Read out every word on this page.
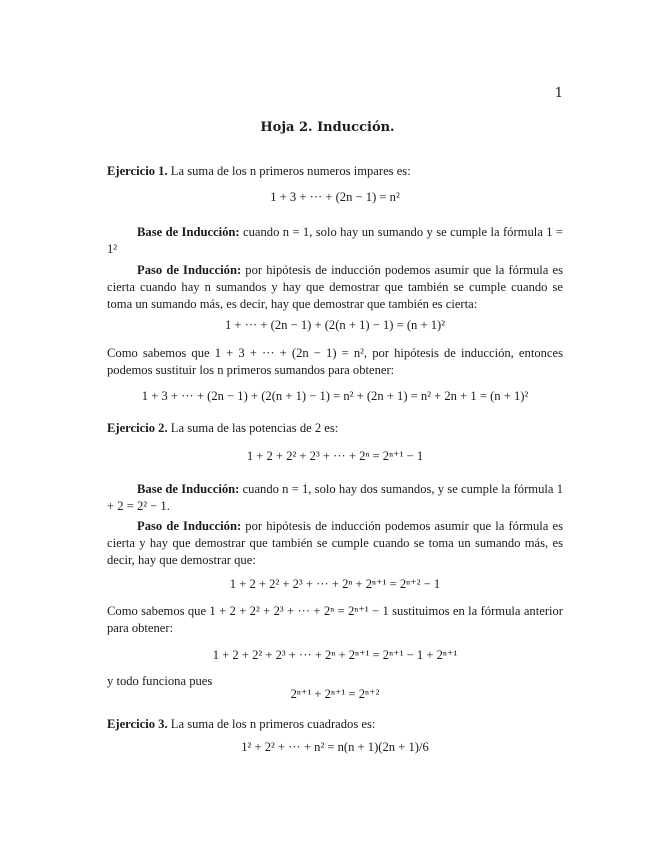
1
Hoja 2. Inducción.
Ejercicio 1. La suma de los n primeros numeros impares es:
1 + 3 + ··· + (2n − 1) = n²
Base de Inducción: cuando n = 1, solo hay un sumando y se cumple la fórmula 1 = 1²
Paso de Inducción: por hipótesis de inducción podemos asumir que la fórmula es cierta cuando hay n sumandos y hay que demostrar que también se cumple cuando se toma un sumando más, es decir, hay que demostrar que también es cierta:
1 + ··· + (2n − 1) + (2(n + 1) − 1) = (n + 1)²
Como sabemos que 1 + 3 + ··· + (2n − 1) = n², por hipótesis de inducción, entonces podemos sustituir los n primeros sumandos para obtener:
1 + 3 + ··· + (2n − 1) + (2(n + 1) − 1) = n² + (2n + 1) = n² + 2n + 1 = (n + 1)²
Ejercicio 2. La suma de las potencias de 2 es:
1 + 2 + 2² + 2³ + ··· + 2ⁿ = 2ⁿ⁺¹ − 1
Base de Inducción: cuando n = 1, solo hay dos sumandos, y se cumple la fórmula 1 + 2 = 2² − 1.
Paso de Inducción: por hipótesis de inducción podemos asumir que la fórmula es cierta y hay que demostrar que también se cumple cuando se toma un sumando más, es decir, hay que demostrar que:
1 + 2 + 2² + 2³ + ··· + 2ⁿ + 2ⁿ⁺¹ = 2ⁿ⁺² − 1
Como sabemos que 1 + 2 + 2² + 2³ + ··· + 2ⁿ = 2ⁿ⁺¹ − 1 sustituimos en la fórmula anterior para obtener:
1 + 2 + 2² + 2³ + ··· + 2ⁿ + 2ⁿ⁺¹ = 2ⁿ⁺¹ − 1 + 2ⁿ⁺¹
y todo funciona pues
2ⁿ⁺¹ + 2ⁿ⁺¹ = 2ⁿ⁺²
Ejercicio 3. La suma de los n primeros cuadrados es:
1² + 2² + ··· + n² = n(n + 1)(2n + 1)/6
